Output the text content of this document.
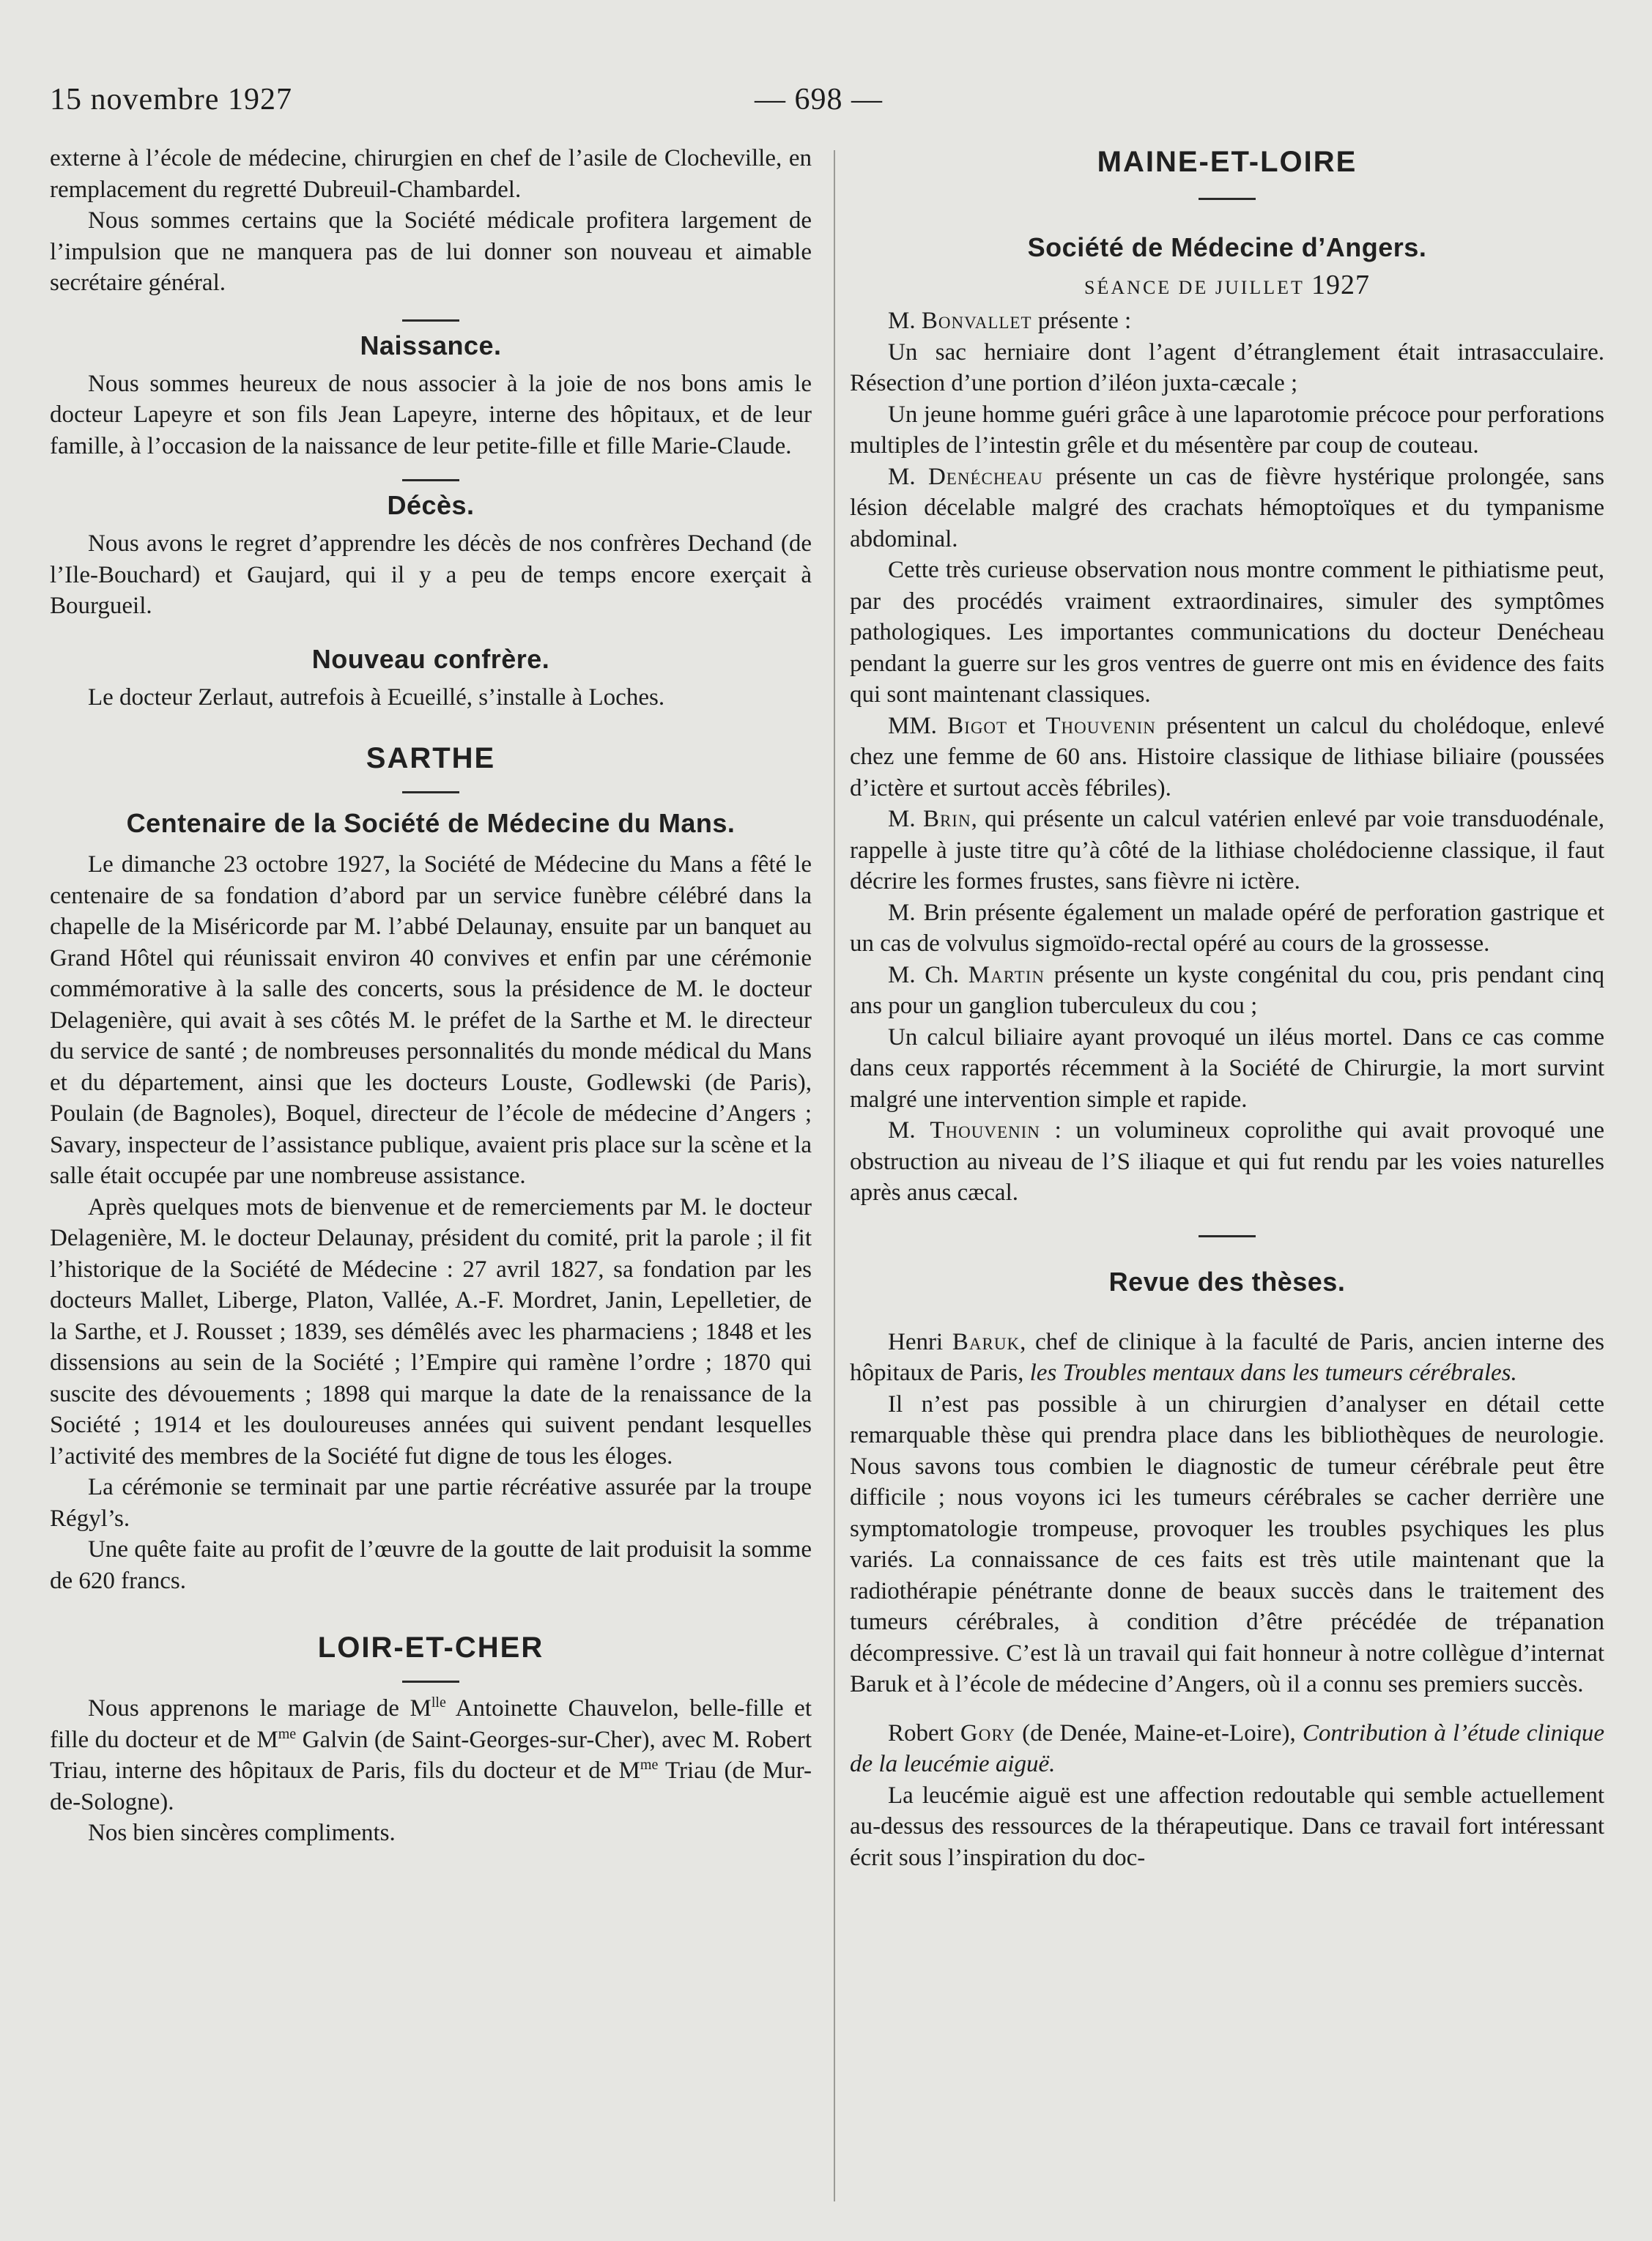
15 novembre 1927	— 698 —

externe à l’école de médecine, chirurgien en chef de l’asile de Clocheville, en remplacement du regretté Dubreuil-Chambardel.

Nous sommes certains que la Société médicale profitera largement de l’impulsion que ne manquera pas de lui donner son nouveau et aimable secrétaire général.

Naissance.

Nous sommes heureux de nous associer à la joie de nos bons amis le docteur Lapeyre et son fils Jean Lapeyre, interne des hôpitaux, et de leur famille, à l’occasion de la naissance de leur petite-fille et fille Marie-Claude.

Décès.

Nous avons le regret d’apprendre les décès de nos confrères Dechand (de l’Ile-Bouchard) et Gaujard, qui il y a peu de temps encore exerçait à Bourgueil.

Nouveau confrère.

Le docteur Zerlaut, autrefois à Ecueillé, s’installe à Loches.

SARTHE
Centenaire de la Société de Médecine du Mans.

Le dimanche 23 octobre 1927, la Société de Médecine du Mans a fêté le centenaire de sa fondation d’abord par un service funèbre célébré dans la chapelle de la Miséricorde par M. l’abbé Delaunay, ensuite par un banquet au Grand Hôtel qui réunissait environ 40 convives et enfin par une cérémonie commémorative à la salle des concerts, sous la présidence de M. le docteur Delagenière, qui avait à ses côtés M. le préfet de la Sarthe et M. le directeur du service de santé ; de nombreuses personnalités du monde médical du Mans et du département, ainsi que les docteurs Louste, Godlewski (de Paris), Poulain (de Bagnoles), Boquel, directeur de l’école de médecine d’Angers ; Savary, inspecteur de l’assistance publique, avaient pris place sur la scène et la salle était occupée par une nombreuse assistance.

Après quelques mots de bienvenue et de remerciements par M. le docteur Delagenière, M. le docteur Delaunay, président du comité, prit la parole ; il fit l’historique de la Société de Médecine : 27 avril 1827, sa fondation par les docteurs Mallet, Liberge, Platon, Vallée, A.-F. Mordret, Janin, Lepelletier, de la Sarthe, et J. Rousset ; 1839, ses démêlés avec les pharmaciens ; 1848 et les dissensions au sein de la Société ; l’Empire qui ramène l’ordre ; 1870 qui suscite des dévouements ; 1898 qui marque la date de la renaissance de la Société ; 1914 et les douloureuses années qui suivent pendant lesquelles l’activité des membres de la Société fut digne de tous les éloges.

La cérémonie se terminait par une partie récréative assurée par la troupe Régyl’s.

Une quête faite au profit de l’œuvre de la goutte de lait produisit la somme de 620 francs.

LOIR-ET-CHER

Nous apprenons le mariage de $M^{lle}$ Antoinette Chauvelon, belle-fille et fille du docteur et de $M^{me}$ Galvin (de Saint-Georges-sur-Cher), avec M. Robert Triau, interne des hôpitaux de Paris, fils du docteur et de $M^{me}$ Triau (de Mur-de-Sologne).

Nos bien sincères compliments.

MAINE-ET-LOIRE
Société de Médecine d’Angers.
SÉANCE DE JUILLET 1927

M. Bonvallet présente :

Un sac herniaire dont l’agent d’étranglement était intrasacculaire. Résection d’une portion d’iléon juxta-cæcale ;

Un jeune homme guéri grâce à une laparotomie précoce pour perforations multiples de l’intestin grêle et du mésentère par coup de couteau.

M. Denécheau présente un cas de fièvre hystérique prolongée, sans lésion décelable malgré des crachats hémoptoïques et du tympanisme abdominal.

Cette très curieuse observation nous montre comment le pithiatisme peut, par des procédés vraiment extraordinaires, simuler des symptômes pathologiques. Les importantes communications du docteur Denécheau pendant la guerre sur les gros ventres de guerre ont mis en évidence des faits qui sont maintenant classiques.

MM. Bigot et Thouvenin présentent un calcul du cholédoque, enlevé chez une femme de 60 ans. Histoire classique de lithiase biliaire (poussées d’ictère et surtout accès fébriles).

M. Brin, qui présente un calcul vatérien enlevé par voie transduodénale, rappelle à juste titre qu’à côté de la lithiase cholédocienne classique, il faut décrire les formes frustes, sans fièvre ni ictère.

M. Brin présente également un malade opéré de perforation gastrique et un cas de volvulus sigmoïdo-rectal opéré au cours de la grossesse.

M. Ch. Martin présente un kyste congénital du cou, pris pendant cinq ans pour un ganglion tuberculeux du cou ;

Un calcul biliaire ayant provoqué un iléus mortel. Dans ce cas comme dans ceux rapportés récemment à la Société de Chirurgie, la mort survint malgré une intervention simple et rapide.

M. Thouvenin : un volumineux coprolithe qui avait provoqué une obstruction au niveau de l’S iliaque et qui fut rendu par les voies naturelles après anus cæcal.

Revue des thèses.

Henri Baruk, chef de clinique à la faculté de Paris, ancien interne des hôpitaux de Paris, les Troubles mentaux dans les tumeurs cérébrales.

Il n’est pas possible à un chirurgien d’analyser en détail cette remarquable thèse qui prendra place dans les bibliothèques de neurologie. Nous savons tous combien le diagnostic de tumeur cérébrale peut être difficile ; nous voyons ici les tumeurs cérébrales se cacher derrière une symptomatologie trompeuse, provoquer les troubles psychiques les plus variés. La connaissance de ces faits est très utile maintenant que la radiothérapie pénétrante donne de beaux succès dans le traitement des tumeurs cérébrales, à condition d’être précédée de trépanation décompressive. C’est là un travail qui fait honneur à notre collègue d’internat Baruk et à l’école de médecine d’Angers, où il a connu ses premiers succès.

Robert Gory (de Denée, Maine-et-Loire), Contribution à l’étude clinique de la leucémie aiguë.

La leucémie aiguë est une affection redoutable qui semble actuellement au-dessus des ressources de la thérapeutique. Dans ce travail fort intéressant écrit sous l’inspiration du doc-
